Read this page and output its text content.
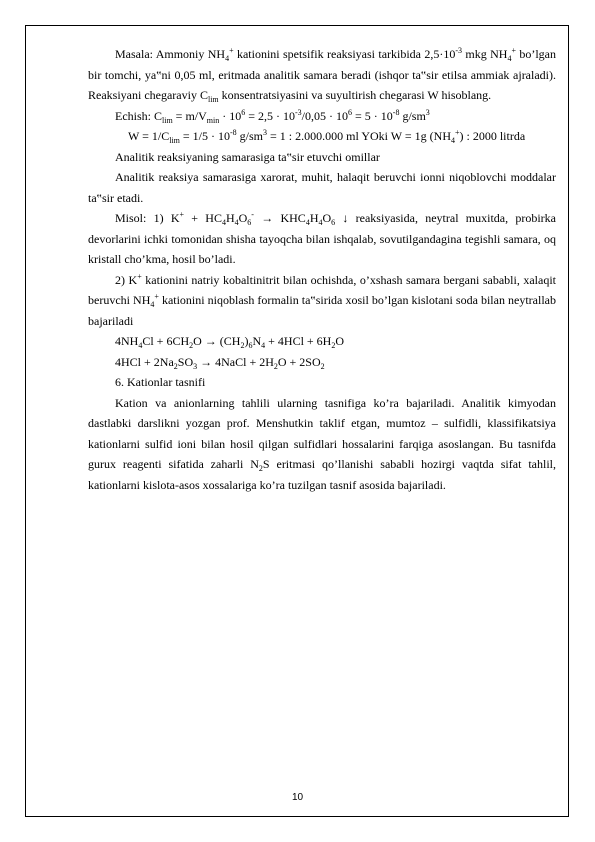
Masala: Ammoniy $NH_4^+$ kationini spetsifik reaksiyasi tarkibida $2,5\cdot 10^{-3}$ mkg $NH_4^+$ bo’lgan bir tomchi, ya‟ni 0,05 ml, eritmada analitik samara beradi (ishqor ta‟sir etilsa ammiak ajraladi). Reaksiyani chegaraviy $C_{lim}$ konsentratsiyasini va suyultirish chegarasi W hisoblang.

Echish: $C_{lim} = m/V_{min} \cdot 10^6 = 2,5 \cdot 10^{-3}/0,05 \cdot 10^6 = 5 \cdot 10^{-8}$ $g/sm^3$

$W = 1/C_{lim} = 1/5 \cdot 10^{-8}$ $g/sm^3 = 1$ : 2.000.000 ml YOki W = 1g $(NH_4^+)$ : 2000 litrda

Analitik reaksiyaning samarasiga ta‟sir etuvchi omillar

Analitik reaksiya samarasiga xarorat, muhit, halaqit beruvchi ionni niqoblovchi moddalar ta‟sir etadi.

Misol: 1) $K^+ + HC_4H_4O_6^- \to KHC_4H_4O_6$ ↓ reaksiyasida, neytral muxitda, probirka devorlarini ichki tomonidan shisha tayoqcha bilan ishqalab, sovutilgandagina tegishli samara, oq kristall cho’kma, hosil bo’ladi.

2) K+ kationini natriy kobaltinitrit bilan ochishda, o’xshash samara bergani sababli, xalaqit beruvchi $NH_4^+$ kationini niqoblash formalin ta‟sirida xosil bo’lgan kislotani soda bilan neytrallab bajariladi

$4NH_4Cl + 6CH_2O \to (CH_2)_6N_4 + 4HCl + 6H_2O$

$4HCl + 2Na_2SO_3$ → 4NaCl + $2H_2O + 2SO_2$

6. Kationlar tasnifi

Kation va anionlarning tahlili ularning tasnifiga ko’ra bajariladi. Analitik kimyodan dastlabki darslikni yozgan prof. Menshutkin taklif etgan, mumtoz – sulfidli, klassifikatsiya kationlarni sulfid ioni bilan hosil qilgan sulfidlari hossalarini farqiga asoslangan. Bu tasnifda gurux reagenti sifatida zaharli $N_2S$ eritmasi qo’llanishi sababli hozirgi vaqtda sifat tahlil, kationlarni kislota-asos xossalariga ko’ra tuzilgan tasnif asosida bajariladi.

10
